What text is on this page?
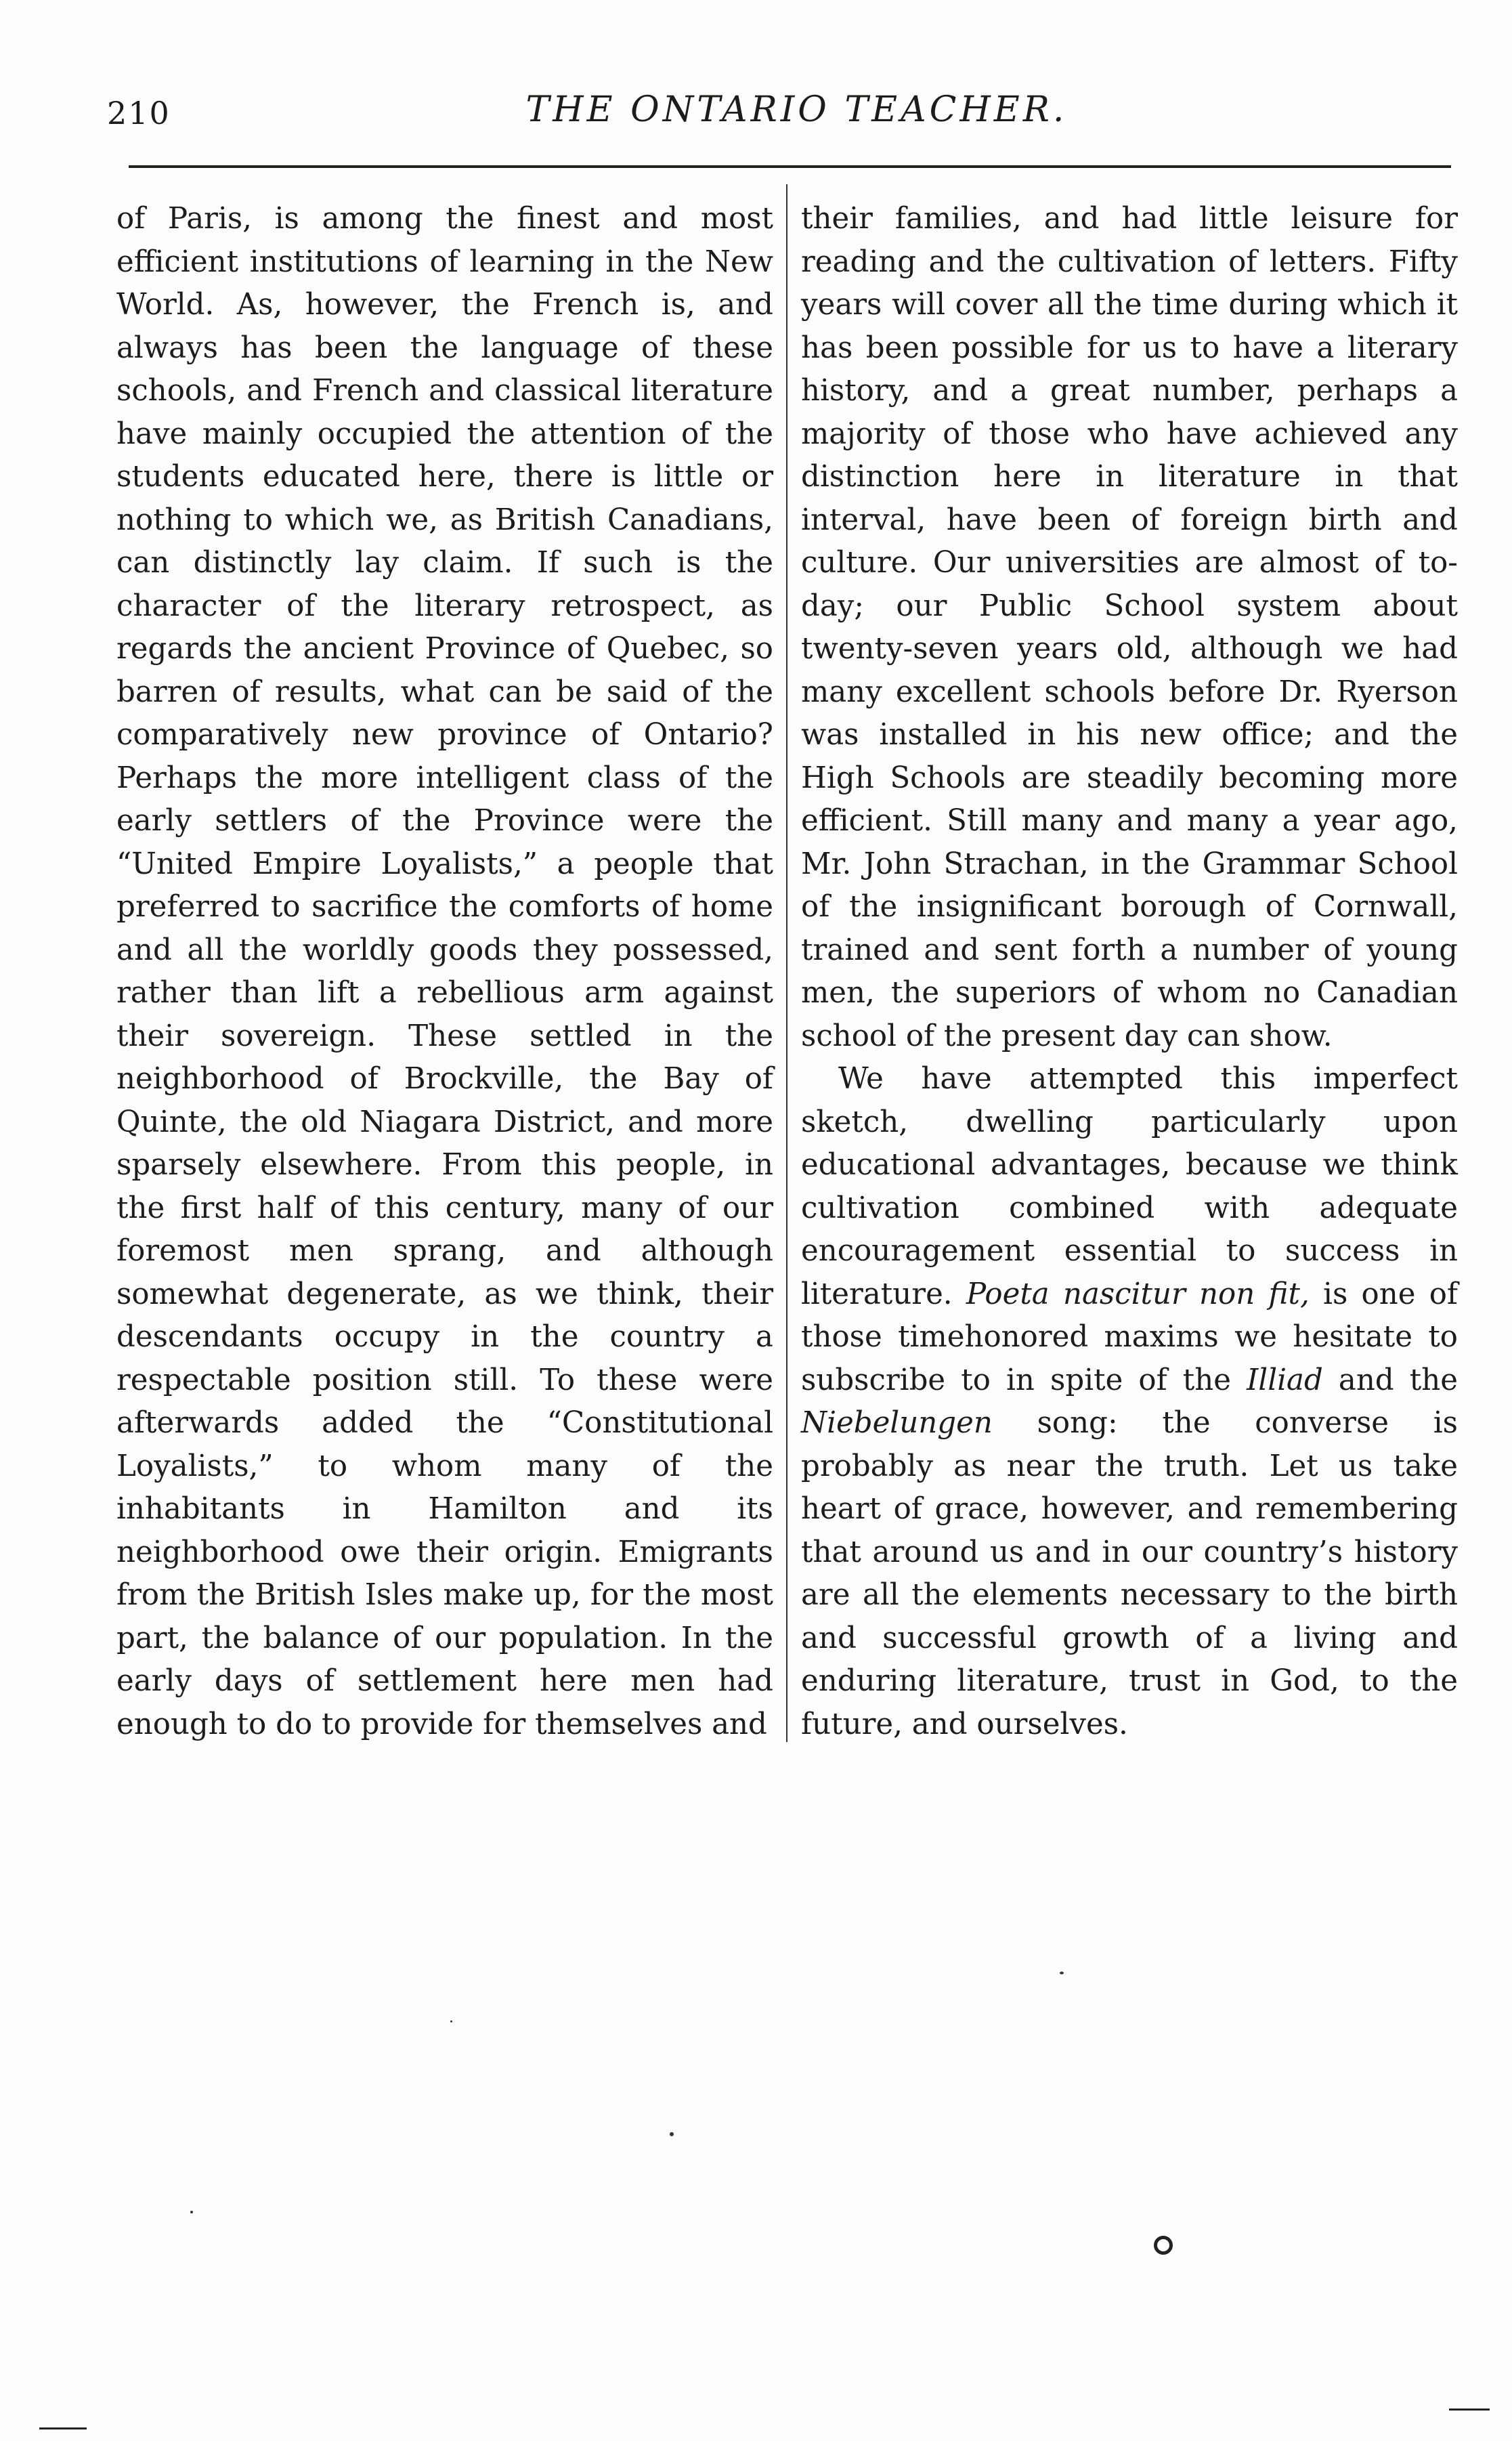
210	THE ONTARIO TEACHER.

of Paris, is among the finest and most efficient institutions of learning in the New World. As, however, the French is, and always has been the language of these schools, and French and classical literature have mainly occupied the attention of the students educated here, there is little or nothing to which we, as British Canadians, can distinctly lay claim. If such is the character of the literary retrospect, as regards the ancient Province of Quebec, so barren of results, what can be said of the comparatively new province of Ontario? Perhaps the more intelligent class of the early settlers of the Province were the “United Empire Loyalists,” a people that preferred to sacrifice the comforts of home and all the worldly goods they possessed, rather than lift a rebellious arm against their sovereign. These settled in the neighborhood of Brockville, the Bay of Quinte, the old Niagara District, and more sparsely elsewhere. From this people, in the first half of this century, many of our foremost men sprang, and although somewhat degenerate, as we think, their descendants occupy in the country a respectable position still. To these were afterwards added the “Constitutional Loyalists,” to whom many of the inhabitants in Hamilton and its neighborhood owe their origin. Emigrants from the British Isles make up, for the most part, the balance of our population. In the early days of settlement here men had enough to do to provide for themselves and

their families, and had little leisure for reading and the cultivation of letters. Fifty years will cover all the time during which it has been possible for us to have a literary history, and a great number, perhaps a majority of those who have achieved any distinction here in literature in that interval, have been of foreign birth and culture. Our universities are almost of to-day; our Public School system about twenty-seven years old, although we had many excellent schools before Dr. Ryerson was installed in his new office; and the High Schools are steadily becoming more efficient. Still many and many a year ago, Mr. John Strachan, in the Grammar School of the insignificant borough of Cornwall, trained and sent forth a number of young men, the superiors of whom no Canadian school of the present day can show.

We have attempted this imperfect sketch, dwelling particularly upon educational advantages, because we think cultivation combined with adequate encouragement essential to success in literature. Poeta nascitur non fit, is one of those timehonored maxims we hesitate to subscribe to in spite of the Illiad and the Niebelungen song: the converse is probably as near the truth. Let us take heart of grace, however, and remembering that around us and in our country’s history are all the elements necessary to the birth and successful growth of a living and enduring literature, trust in God, to the future, and ourselves.
